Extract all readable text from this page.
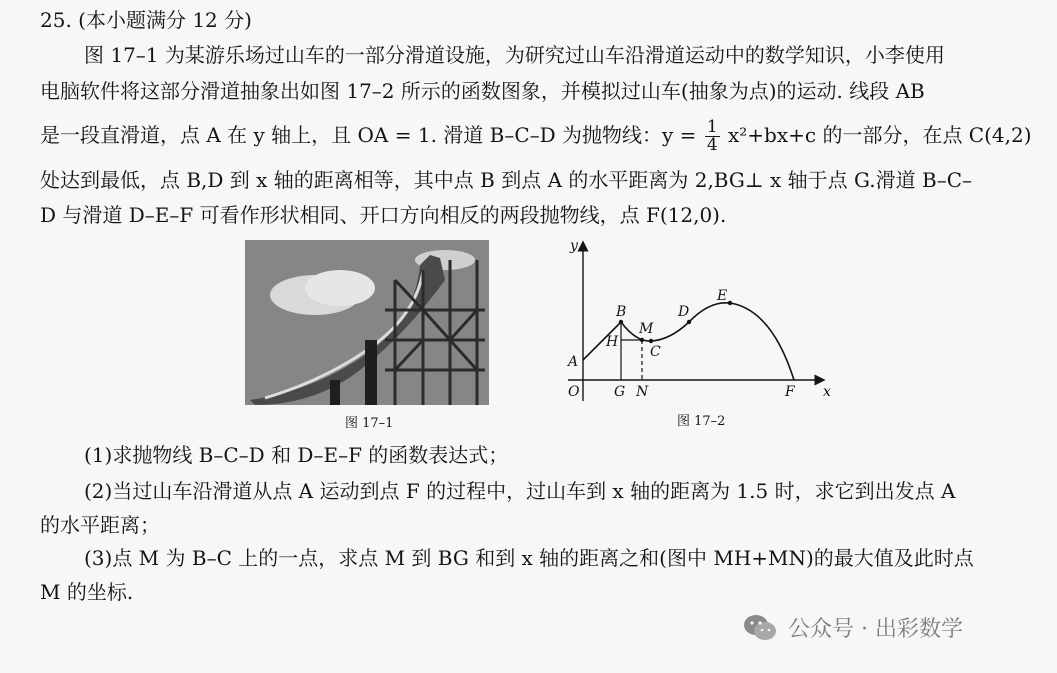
25. (本小题满分 12 分)
图 17–1 为某游乐场过山车的一部分滑道设施，为研究过山车沿滑道运动中的数学知识，小李使用
电脑软件将这部分滑道抽象出如图 17–2 所示的函数图象，并模拟过山车(抽象为点)的运动. 线段 AB
是一段直滑道，点 A 在 y 轴上，且 OA = 1. 滑道 B–C–D 为抛物线：$y = \frac{1}{4} x^2+bx+c$ 的一部分，在点 C(4,2)
处达到最低，点 B,D 到 x 轴的距离相等，其中点 B 到点 A 的水平距离为 2,BG⊥ x 轴于点 G.滑道 B–C–
D 与滑道 D–E–F 可看作形状相同、开口方向相反的两段抛物线，点 F(12,0).
图 17–1
y
x
O
A
B
H
M
C
D
E
F
G N
图 17–2
(1)求抛物线 B–C–D 和 D–E–F 的函数表达式；
(2)当过山车沿滑道从点 A 运动到点 F 的过程中，过山车到 x 轴的距离为 1.5 时，求它到出发点 A
的水平距离；
(3)点 M 为 B–C 上的一点，求点 M 到 BG 和到 x 轴的距离之和(图中 MH+MN)的最大值及此时点
M 的坐标.
公众号 · 出彩数学
